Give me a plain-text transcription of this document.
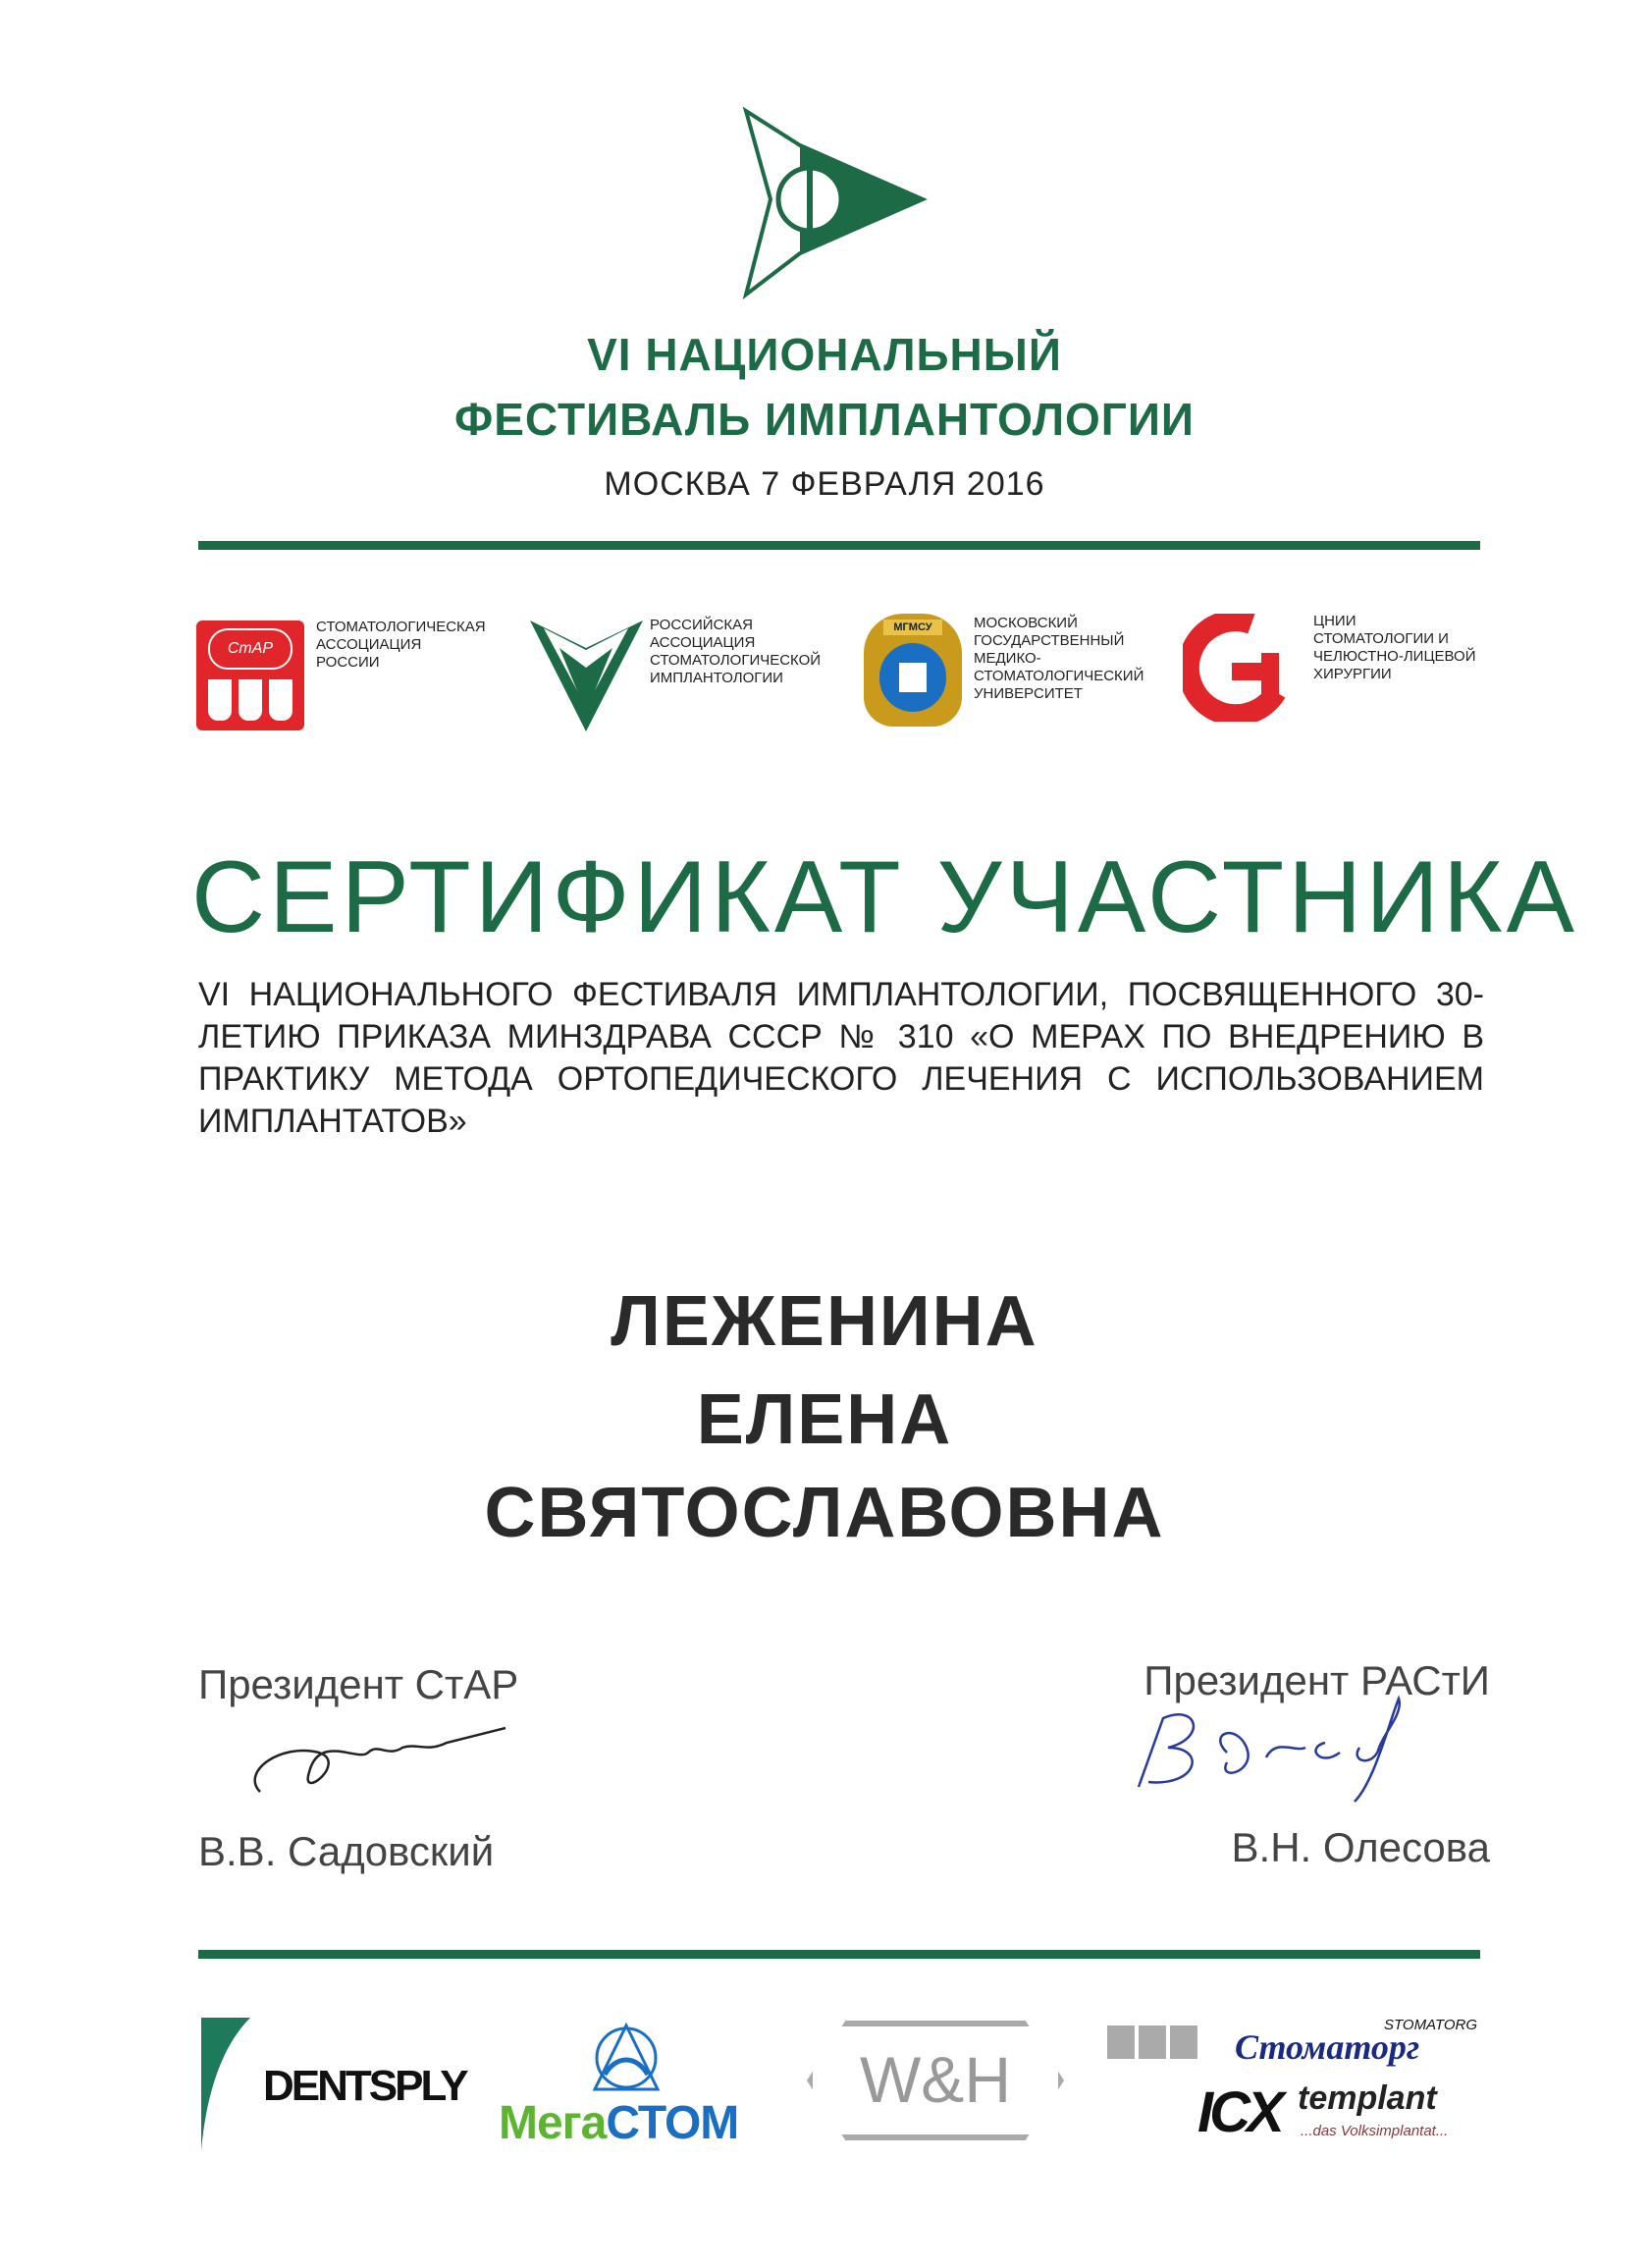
VI НАЦИОНАЛЬНЫЙ
ФЕСТИВАЛЬ ИМПЛАНТОЛОГИИ
МОСКВА 7 ФЕВРАЛЯ 2016
СтАР
СТОМАТОЛОГИЧЕСКАЯ
АССОЦИАЦИЯ
РОССИИ
РОССИЙСКАЯ
АССОЦИАЦИЯ
СТОМАТОЛОГИЧЕСКОЙ
ИМПЛАНТОЛОГИИ
МГМСУ	МОСКОВСКИЙ
ГОСУДАРСТВЕННЫЙ
МЕДИКО-
СТОМАТОЛОГИЧЕСКИЙ
УНИВЕРСИТЕТ
ЦНИИ
СТОМАТОЛОГИИ И
ЧЕЛЮСТНО-ЛИЦЕВОЙ
ХИРУРГИИ
СЕРТИФИКАТ УЧАСТНИКА
VI НАЦИОНАЛЬНОГО ФЕСТИВАЛЯ ИМПЛАНТОЛОГИИ, ПОСВЯЩЕННОГО 30-ЛЕТИЮ ПРИКАЗА МИНЗДРАВА СССР № 310 «О МЕРАХ ПО ВНЕДРЕНИЮ В ПРАКТИКУ МЕТОДА ОРТОПЕДИЧЕСКОГО ЛЕЧЕНИЯ С ИСПОЛЬЗОВАНИЕМ ИМПЛАНТАТОВ»
ЛЕЖЕНИНА
ЕЛЕНА
СВЯТОСЛАВОВНА
Президент СтАР
В.В. Садовский
Президент РАСтИ
В.Н. Олесова
DENTSPLY
МегаСТОМ
W&H
STOMATORG
Стоматорг
ICX templant
...das Volksimplantat...
